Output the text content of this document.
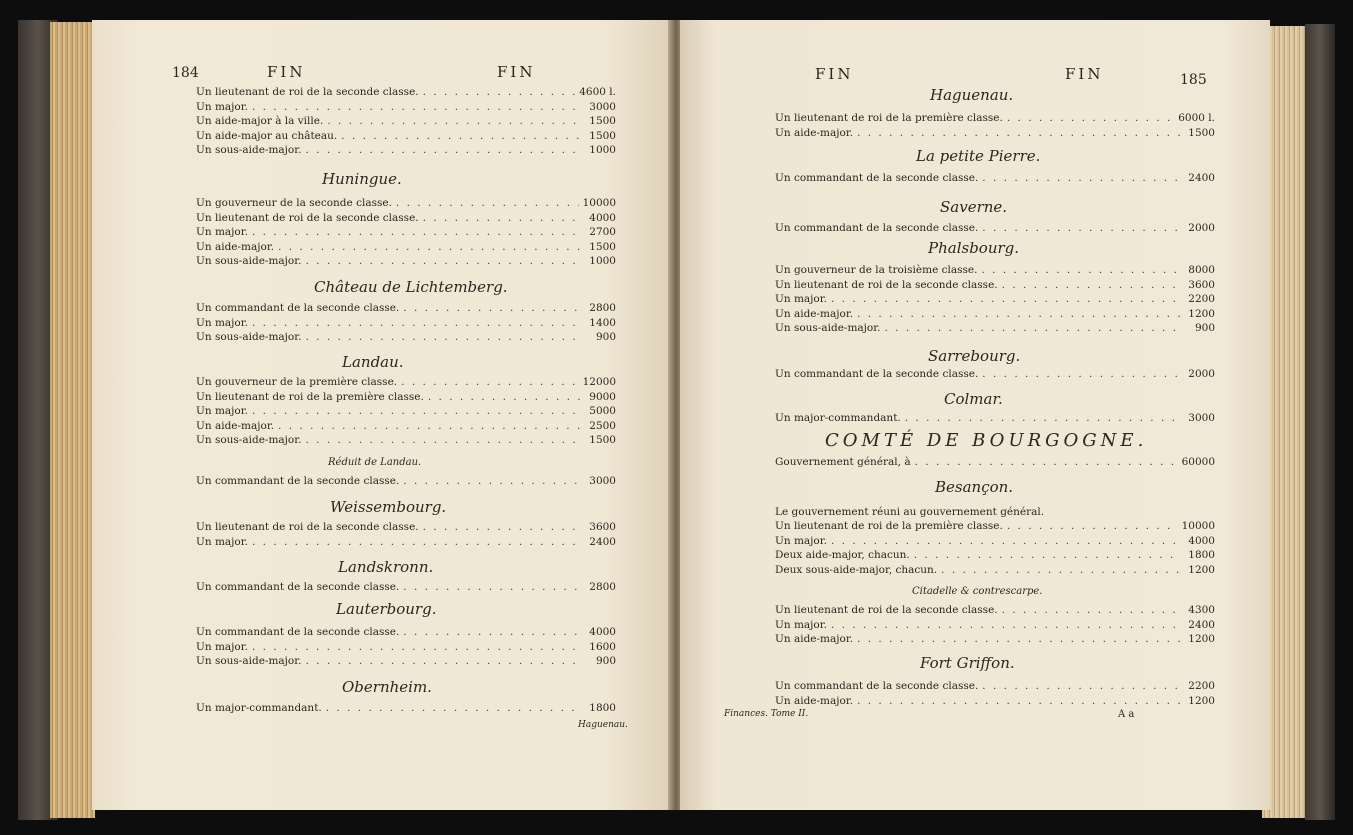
184	FIN	FIN
Un lieutenant de roi de la seconde classe. . . .	4600 l.
Un major. . . .	3000
Un aide-major à la ville. . . .	1500
Un aide-major au château. . . .	1500
Un sous-aide-major. . . .	1000
Huningue.
Un gouverneur de la seconde classe. . . .	10000
Un lieutenant de roi de la seconde classe. . . .	4000
Un major. . . .	2700
Un aide-major. . . .	1500
Un sous-aide-major. . . .	1000
Château de Lichtemberg.
Un commandant de la seconde classe. . . .	2800
Un major. . . .	1400
Un sous-aide-major. . . .	900
Landau.
Un gouverneur de la première classe. . . .	12000
Un lieutenant de roi de la première classe. . . .	9000
Un major. . . .	5000
Un aide-major. . . .	2500
Un sous-aide-major. . . .	1500
Réduit de Landau.
Un commandant de la seconde classe. . . .	3000
Weissembourg.
Un lieutenant de roi de la seconde classe. . . .	3600
Un major. . . .	2400
Landskronn.
Un commandant de la seconde classe. . . .	2800
Lauterbourg.
Un commandant de la seconde classe. . . .	4000
Un major. . . .	1600
Un sous-aide-major. . . .	900
Obernheim.
Un major-commandant. . . .	1800
Haguenau.
FIN	FIN	185
Haguenau.
Un lieutenant de roi de la première classe. . . .	6000 l.
Un aide-major. . . .	1500
La petite Pierre.
Un commandant de la seconde classe. . . .	2400
Saverne.
Un commandant de la seconde classe. . . .	2000
Phalsbourg.
Un gouverneur de la troisième classe. . . .	8000
Un lieutenant de roi de la seconde classe. . . .	3600
Un major. . . .	2200
Un aide-major. . . .	1200
Un sous-aide-major. . . .	900
Sarrebourg.
Un commandant de la seconde classe. . . .	2000
Colmar.
Un major-commandant. . . .	3000
COMTÉ DE BOURGOGNE.
Gouvernement général, à . . .	60000
Besançon.
Le gouvernement réuni au gouvernement général.
Un lieutenant de roi de la première classe. . . .	10000
Un major. . . .	4000
Deux aide-major, chacun. . . .	1800
Deux sous-aide-major, chacun. . . .	1200
Citadelle & contrescarpe.
Un lieutenant de roi de la seconde classe. . . .	4300
Un major. . . .	2400
Un aide-major. . . .	1200
Fort Griffon.
Un commandant de la seconde classe. . . .	2200
Un aide-major. . . .	1200
Finances. Tome II.	A a
